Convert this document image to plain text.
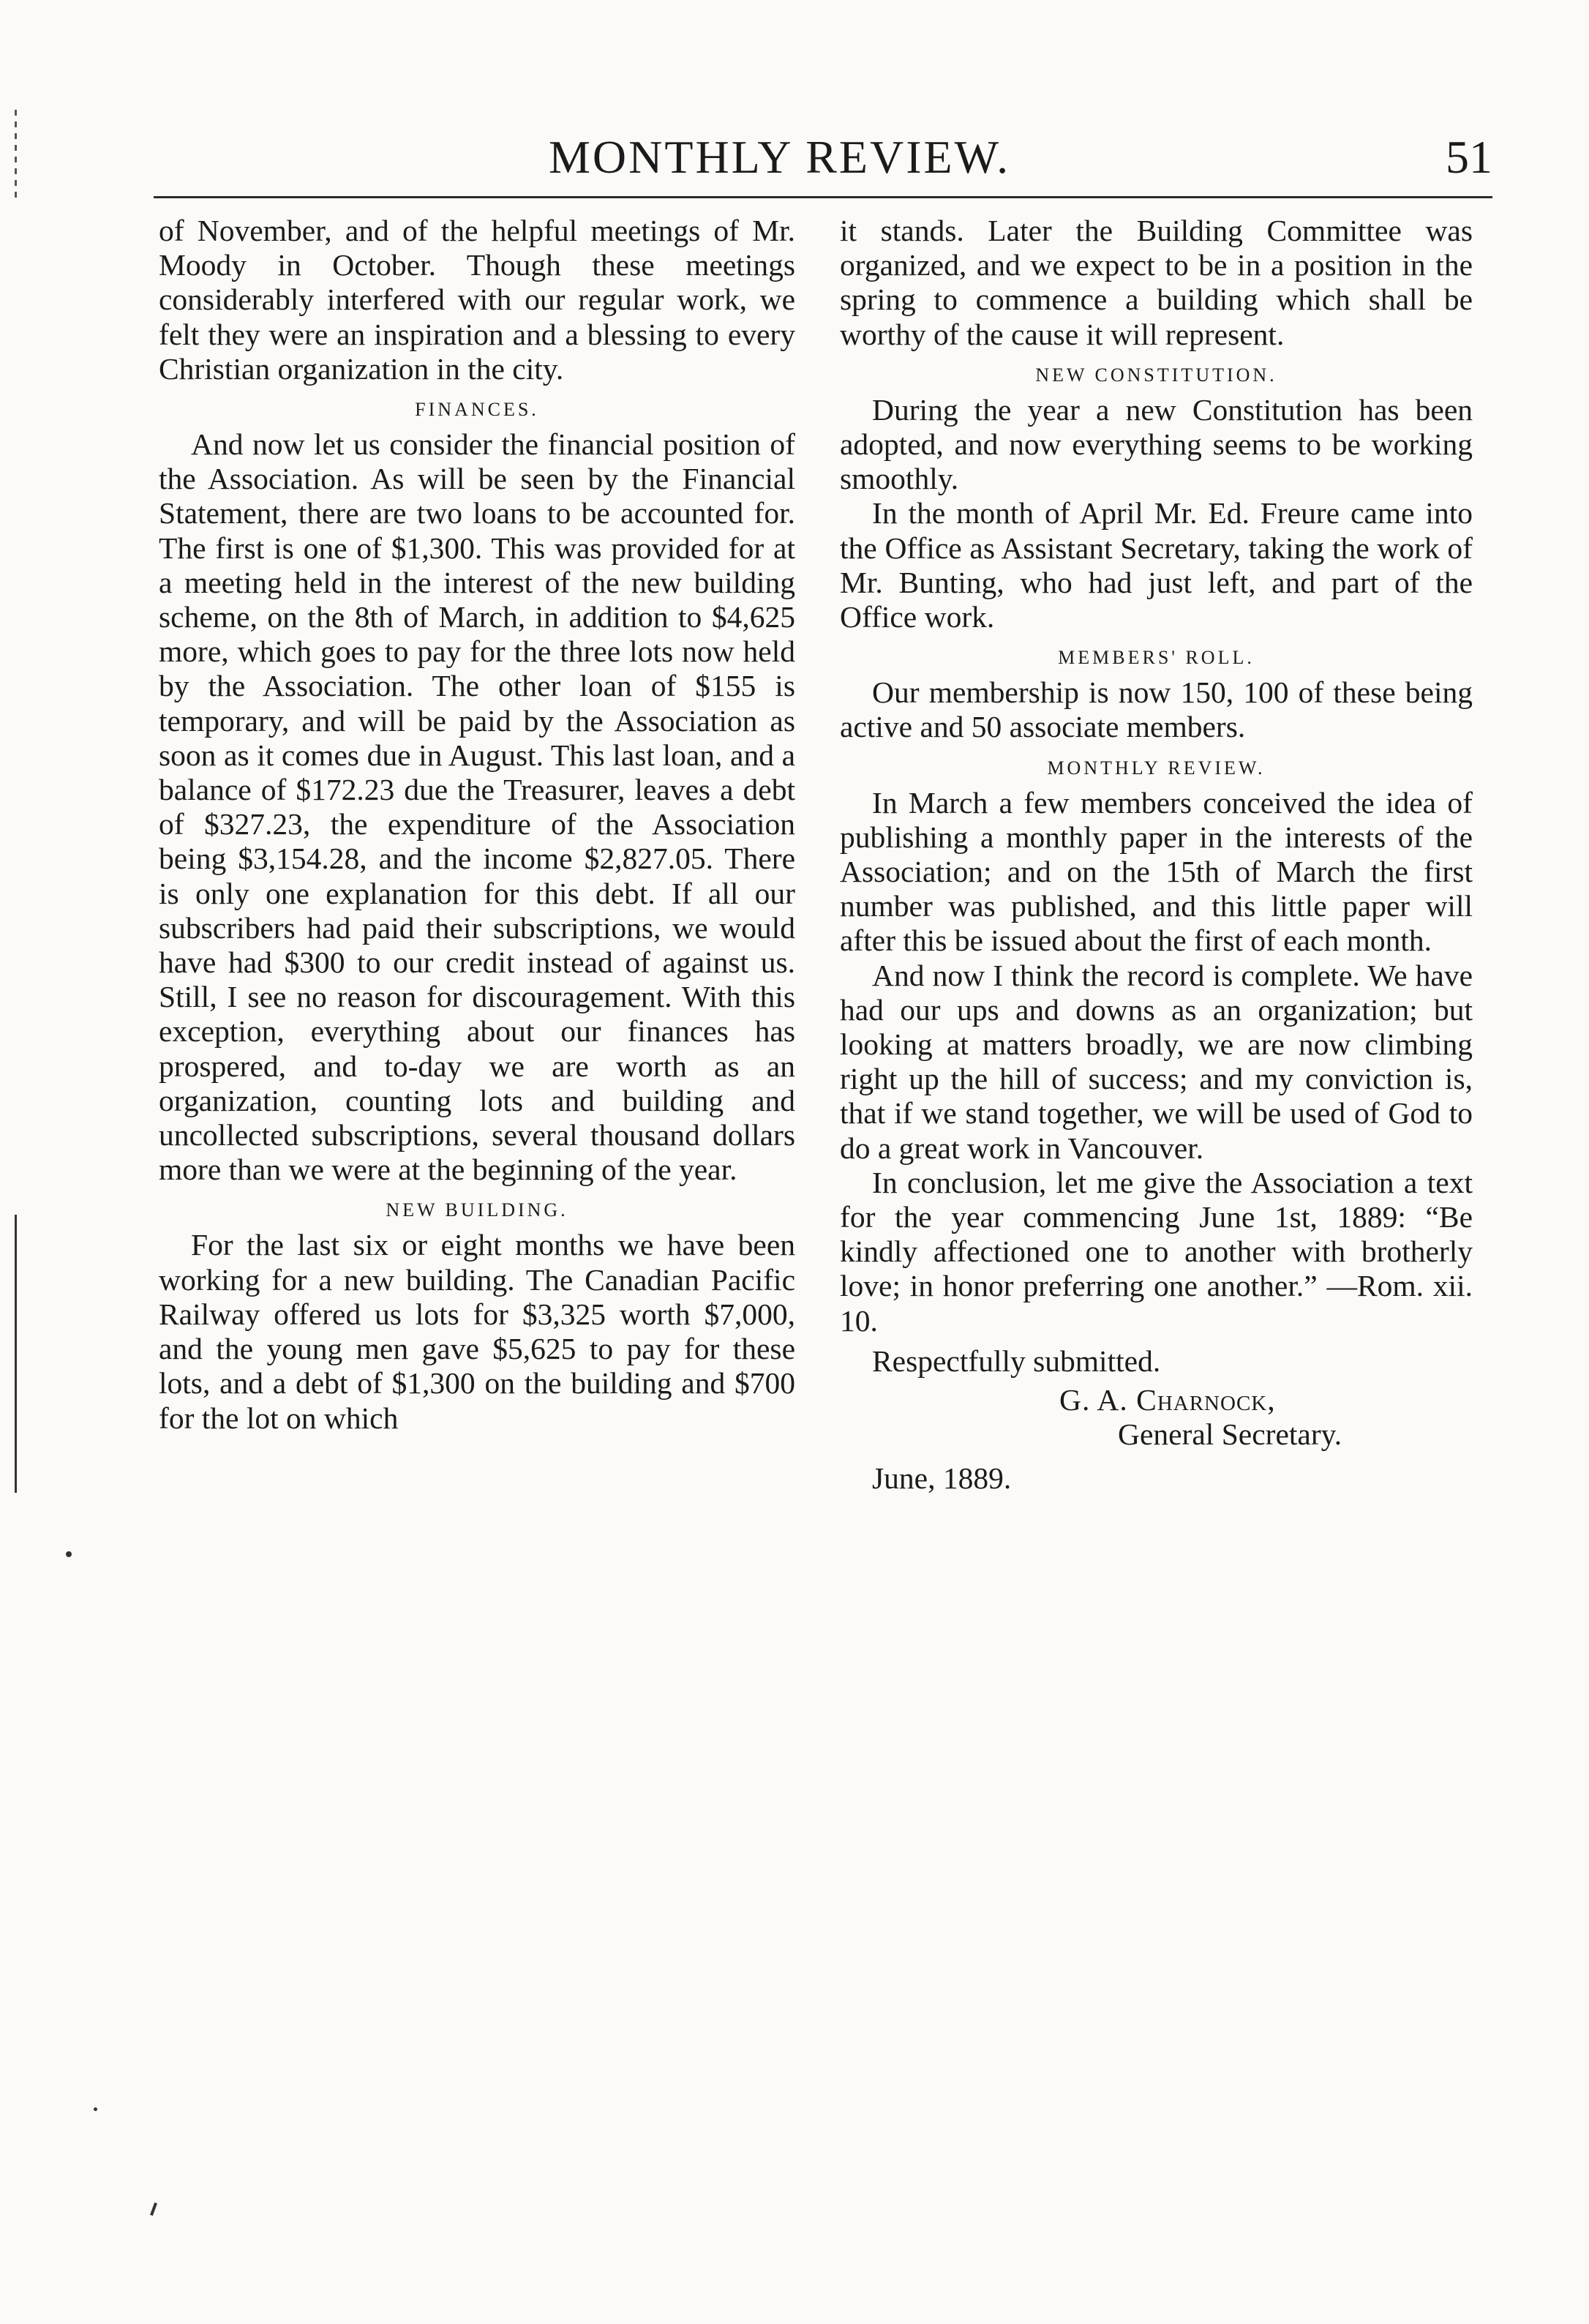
MONTHLY REVIEW.	51

of November, and of the helpful meetings of Mr. Moody in October. Though these meetings considerably interfered with our regular work, we felt they were an inspiration and a blessing to every Christian organization in the city.

FINANCES.

And now let us consider the financial position of the Association. As will be seen by the Financial Statement, there are two loans to be accounted for. The first is one of $1,300. This was provided for at a meeting held in the interest of the new building scheme, on the 8th of March, in addition to $4,625 more, which goes to pay for the three lots now held by the Association. The other loan of $155 is temporary, and will be paid by the Association as soon as it comes due in August. This last loan, and a balance of $172.23 due the Treasurer, leaves a debt of $327.23, the expenditure of the Association being $3,154.28, and the income $2,827.05. There is only one explanation for this debt. If all our subscribers had paid their subscriptions, we would have had $300 to our credit instead of against us. Still, I see no reason for discouragement. With this exception, everything about our finances has prospered, and to-day we are worth as an organization, counting lots and building and uncollected subscriptions, several thousand dollars more than we were at the beginning of the year.

NEW BUILDING.

For the last six or eight months we have been working for a new building. The Canadian Pacific Railway offered us lots for $3,325 worth $7,000, and the young men gave $5,625 to pay for these lots, and a debt of $1,300 on the building and $700 for the lot on which

it stands. Later the Building Committee was organized, and we expect to be in a position in the spring to commence a building which shall be worthy of the cause it will represent.

NEW CONSTITUTION.

During the year a new Constitution has been adopted, and now everything seems to be working smoothly.

In the month of April Mr. Ed. Freure came into the Office as Assistant Secretary, taking the work of Mr. Bunting, who had just left, and part of the Office work.

MEMBERS' ROLL.

Our membership is now 150, 100 of these being active and 50 associate members.

MONTHLY REVIEW.

In March a few members conceived the idea of publishing a monthly paper in the interests of the Association; and on the 15th of March the first number was published, and this little paper will after this be issued about the first of each month.

And now I think the record is complete. We have had our ups and downs as an organization; but looking at matters broadly, we are now climbing right up the hill of success; and my conviction is, that if we stand together, we will be used of God to do a great work in Vancouver.

In conclusion, let me give the Association a text for the year commencing June 1st, 1889: “Be kindly affectioned one to another with brotherly love; in honor preferring one another.” —Rom. xii. 10.

Respectfully submitted.
G. A. Charnock,
General Secretary.
June, 1889.
